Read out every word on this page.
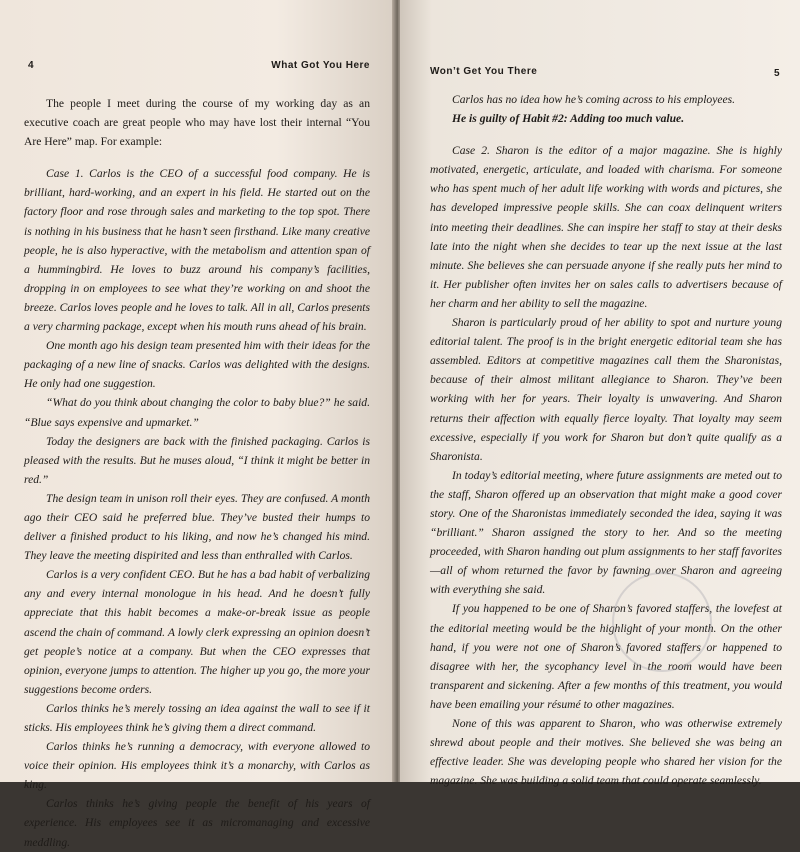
4	What Got You Here

The people I meet during the course of my working day as an executive coach are great people who may have lost their internal “You Are Here” map. For example:

Case 1. Carlos is the CEO of a successful food company. He is brilliant, hard-working, and an expert in his field. He started out on the factory floor and rose through sales and marketing to the top spot. There is nothing in his business that he hasn’t seen firsthand. Like many creative people, he is also hyperactive, with the metabolism and attention span of a hummingbird. He loves to buzz around his company’s facilities, dropping in on employees to see what they’re working on and shoot the breeze. Carlos loves people and he loves to talk. All in all, Carlos presents a very charming package, except when his mouth runs ahead of his brain.

One month ago his design team presented him with their ideas for the packaging of a new line of snacks. Carlos was delighted with the designs. He only had one suggestion.

“What do you think about changing the color to baby blue?” he said. “Blue says expensive and upmarket.”

Today the designers are back with the finished packaging. Carlos is pleased with the results. But he muses aloud, “I think it might be better in red.”

The design team in unison roll their eyes. They are confused. A month ago their CEO said he preferred blue. They’ve busted their humps to deliver a finished product to his liking, and now he’s changed his mind. They leave the meeting dispirited and less than enthralled with Carlos.

Carlos is a very confident CEO. But he has a bad habit of verbalizing any and every internal monologue in his head. And he doesn’t fully appreciate that this habit becomes a make-or-break issue as people ascend the chain of command. A lowly clerk expressing an opinion doesn’t get people’s notice at a company. But when the CEO expresses that opinion, everyone jumps to attention. The higher up you go, the more your suggestions become orders.

Carlos thinks he’s merely tossing an idea against the wall to see if it sticks. His employees think he’s giving them a direct command.

Carlos thinks he’s running a democracy, with everyone allowed to voice their opinion. His employees think it’s a monarchy, with Carlos as king.

Carlos thinks he’s giving people the benefit of his years of experience. His employees see it as micromanaging and excessive meddling.

Won’t Get You There	5

Carlos has no idea how he’s coming across to his employees.

He is guilty of Habit #2: Adding too much value.

Case 2. Sharon is the editor of a major magazine. She is highly motivated, energetic, articulate, and loaded with charisma. For someone who has spent much of her adult life working with words and pictures, she has developed impressive people skills. She can coax delinquent writers into meeting their deadlines. She can inspire her staff to stay at their desks late into the night when she decides to tear up the next issue at the last minute. She believes she can persuade anyone if she really puts her mind to it. Her publisher often invites her on sales calls to advertisers because of her charm and her ability to sell the magazine.

Sharon is particularly proud of her ability to spot and nurture young editorial talent. The proof is in the bright energetic editorial team she has assembled. Editors at competitive magazines call them the Sharonistas, because of their almost militant allegiance to Sharon. They’ve been working with her for years. Their loyalty is unwavering. And Sharon returns their affection with equally fierce loyalty. That loyalty may seem excessive, especially if you work for Sharon but don’t quite qualify as a Sharonista.

In today’s editorial meeting, where future assignments are meted out to the staff, Sharon offered up an observation that might make a good cover story. One of the Sharonistas immediately seconded the idea, saying it was “brilliant.” Sharon assigned the story to her. And so the meeting proceeded, with Sharon handing out plum assignments to her staff favorites—all of whom returned the favor by fawning over Sharon and agreeing with everything she said.

If you happened to be one of Sharon’s favored staffers, the lovefest at the editorial meeting would be the highlight of your month. On the other hand, if you were not one of Sharon’s favored staffers or happened to disagree with her, the sycophancy level in the room would have been transparent and sickening. After a few months of this treatment, you would have been emailing your résumé to other magazines.

None of this was apparent to Sharon, who was otherwise extremely shrewd about people and their motives. She believed she was being an effective leader. She was developing people who shared her vision for the magazine. She was building a solid team that could operate seamlessly.
